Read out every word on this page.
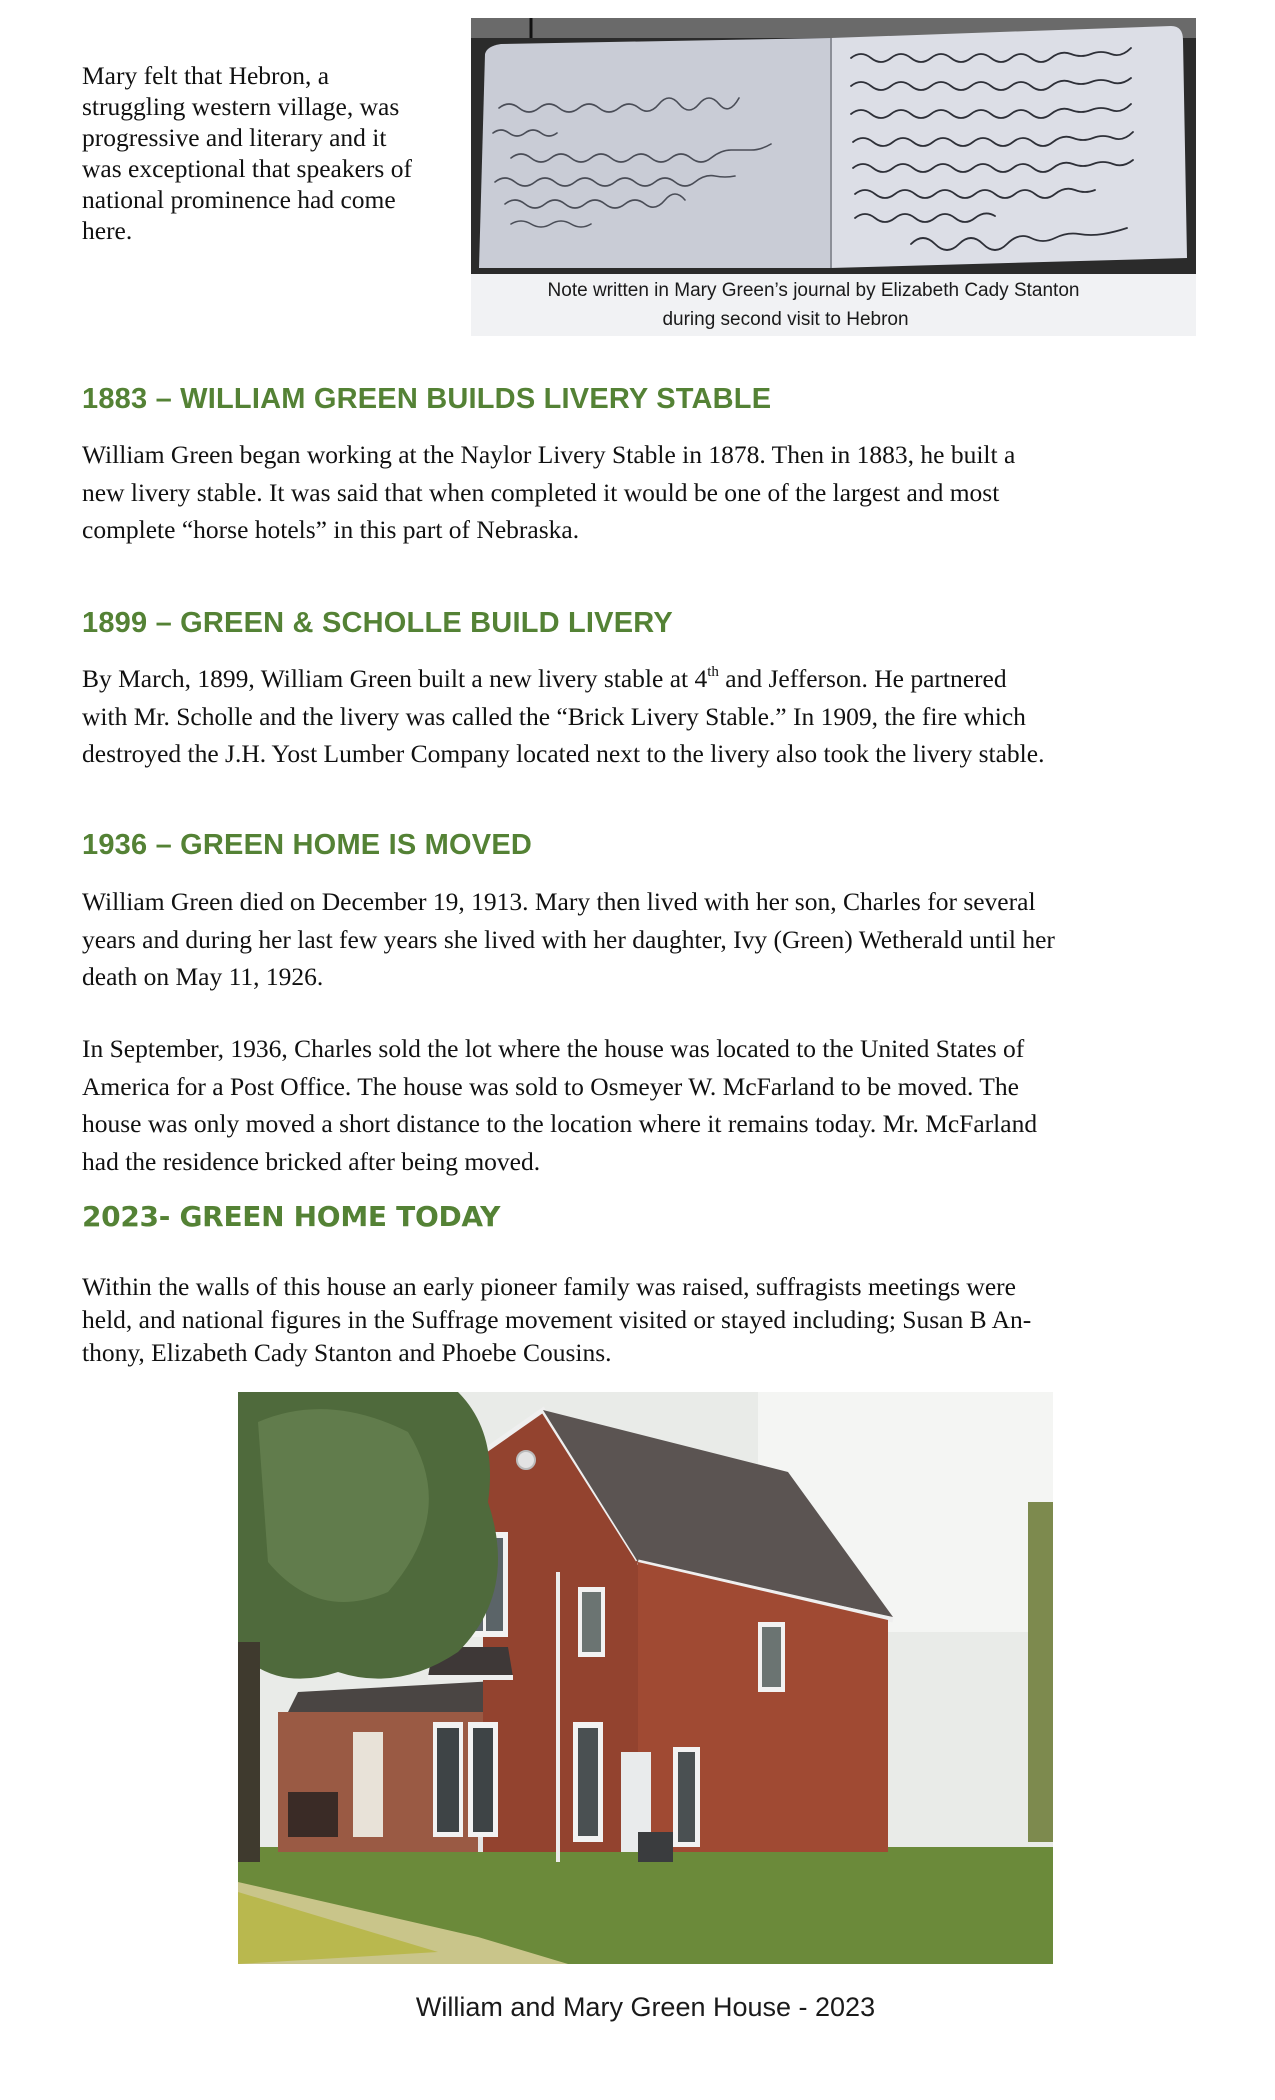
Mary felt that Hebron, a
struggling western village, was
progressive and literary and it
was exceptional that speakers of
national prominence had come
here.
Note written in Mary Green’s journal by Elizabeth Cady Stanton
during second visit to Hebron
1883 – WILLIAM GREEN BUILDS LIVERY STABLE
William Green began working at the Naylor Livery Stable in 1878. Then in 1883, he built a
new livery stable. It was said that when completed it would be one of the largest and most
complete “horse hotels” in this part of Nebraska.
1899 – GREEN & SCHOLLE BUILD LIVERY
By March, 1899, William Green built a new livery stable at 4th and Jefferson. He partnered
with Mr. Scholle and the livery was called the “Brick Livery Stable.” In 1909, the fire which
destroyed the J.H. Yost Lumber Company located next to the livery also took the livery stable.
1936 – GREEN HOME IS MOVED
William Green died on December 19, 1913. Mary then lived with her son, Charles for several
years and during her last few years she lived with her daughter, Ivy (Green) Wetherald until her
death on May 11, 1926.
In September, 1936, Charles sold the lot where the house was located to the United States of
America for a Post Office. The house was sold to Osmeyer W. McFarland to be moved. The
house was only moved a short distance to the location where it remains today. Mr. McFarland
had the residence bricked after being moved.
2023- GREEN HOME TODAY
Within the walls of this house an early pioneer family was raised, suffragists meetings were
held, and national figures in the Suffrage movement visited or stayed including; Susan B An-
thony, Elizabeth Cady Stanton and Phoebe Cousins.
William and Mary Green House - 2023
